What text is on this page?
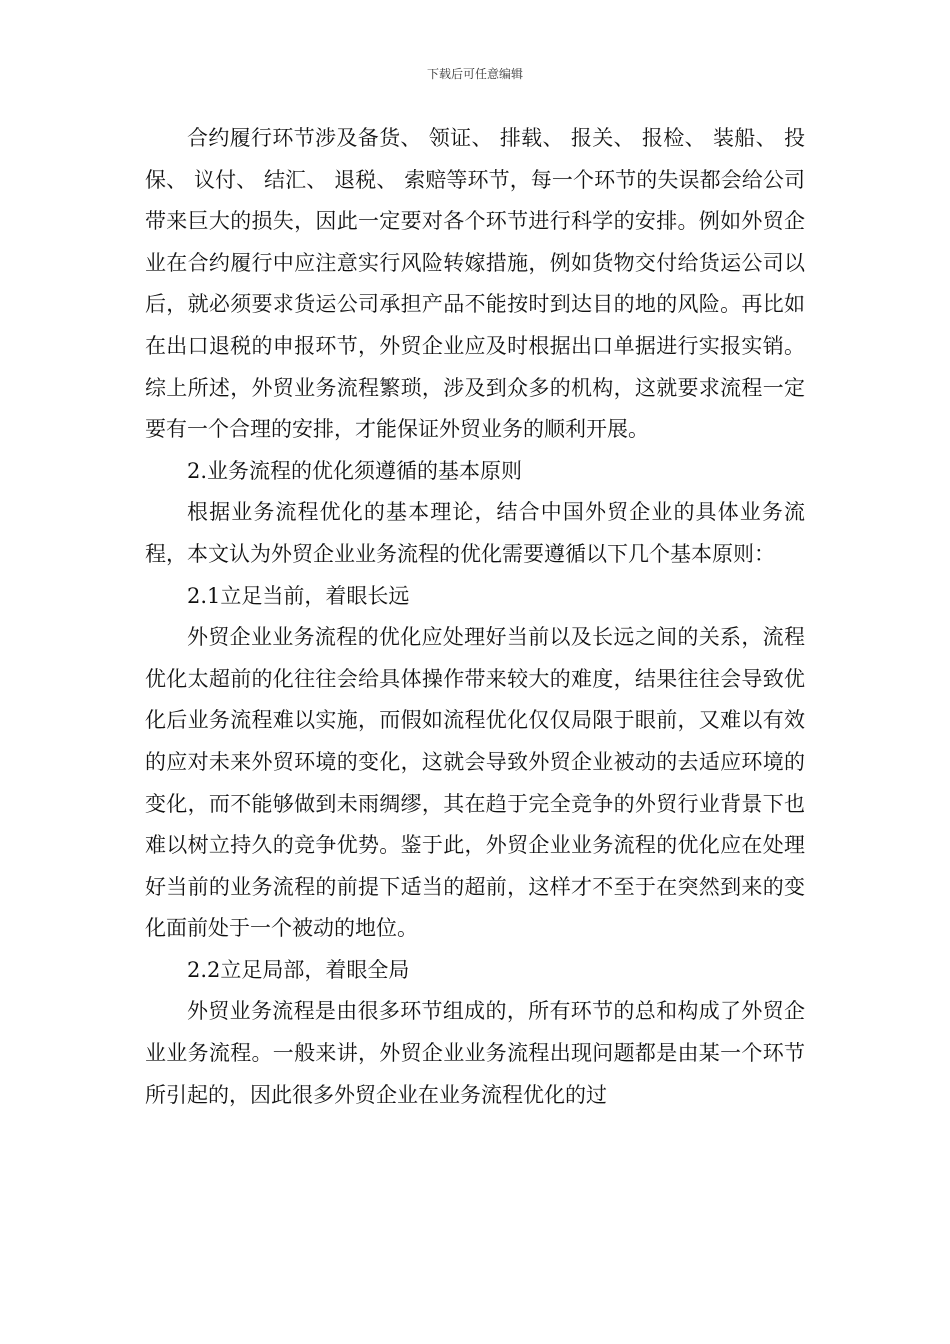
下载后可任意编辑

合约履行环节涉及备货、 领证、 排载、 报关、 报检、 装船、 投保、 议付、 结汇、 退税、 索赔等环节，每一个环节的失误都会给公司带来巨大的损失，因此一定要对各个环节进行科学的安排。例如外贸企业在合约履行中应注意实行风险转嫁措施，例如货物交付给货运公司以后，就必须要求货运公司承担产品不能按时到达目的地的风险。再比如在出口退税的申报环节，外贸企业应及时根据出口单据进行实报实销。综上所述，外贸业务流程繁琐，涉及到众多的机构，这就要求流程一定要有一个合理的安排，才能保证外贸业务的顺利开展。

2.业务流程的优化须遵循的基本原则

根据业务流程优化的基本理论，结合中国外贸企业的具体业务流程，本文认为外贸企业业务流程的优化需要遵循以下几个基本原则：

2.1立足当前，着眼长远

外贸企业业务流程的优化应处理好当前以及长远之间的关系，流程优化太超前的化往往会给具体操作带来较大的难度，结果往往会导致优化后业务流程难以实施，而假如流程优化仅仅局限于眼前，又难以有效的应对未来外贸环境的变化，这就会导致外贸企业被动的去适应环境的变化，而不能够做到未雨绸缪，其在趋于完全竞争的外贸行业背景下也难以树立持久的竞争优势。鉴于此，外贸企业业务流程的优化应在处理好当前的业务流程的前提下适当的超前，这样才不至于在突然到来的变化面前处于一个被动的地位。

2.2立足局部，着眼全局

外贸业务流程是由很多环节组成的，所有环节的总和构成了外贸企业业务流程。一般来讲，外贸企业业务流程出现问题都是由某一个环节所引起的，因此很多外贸企业在业务流程优化的过
